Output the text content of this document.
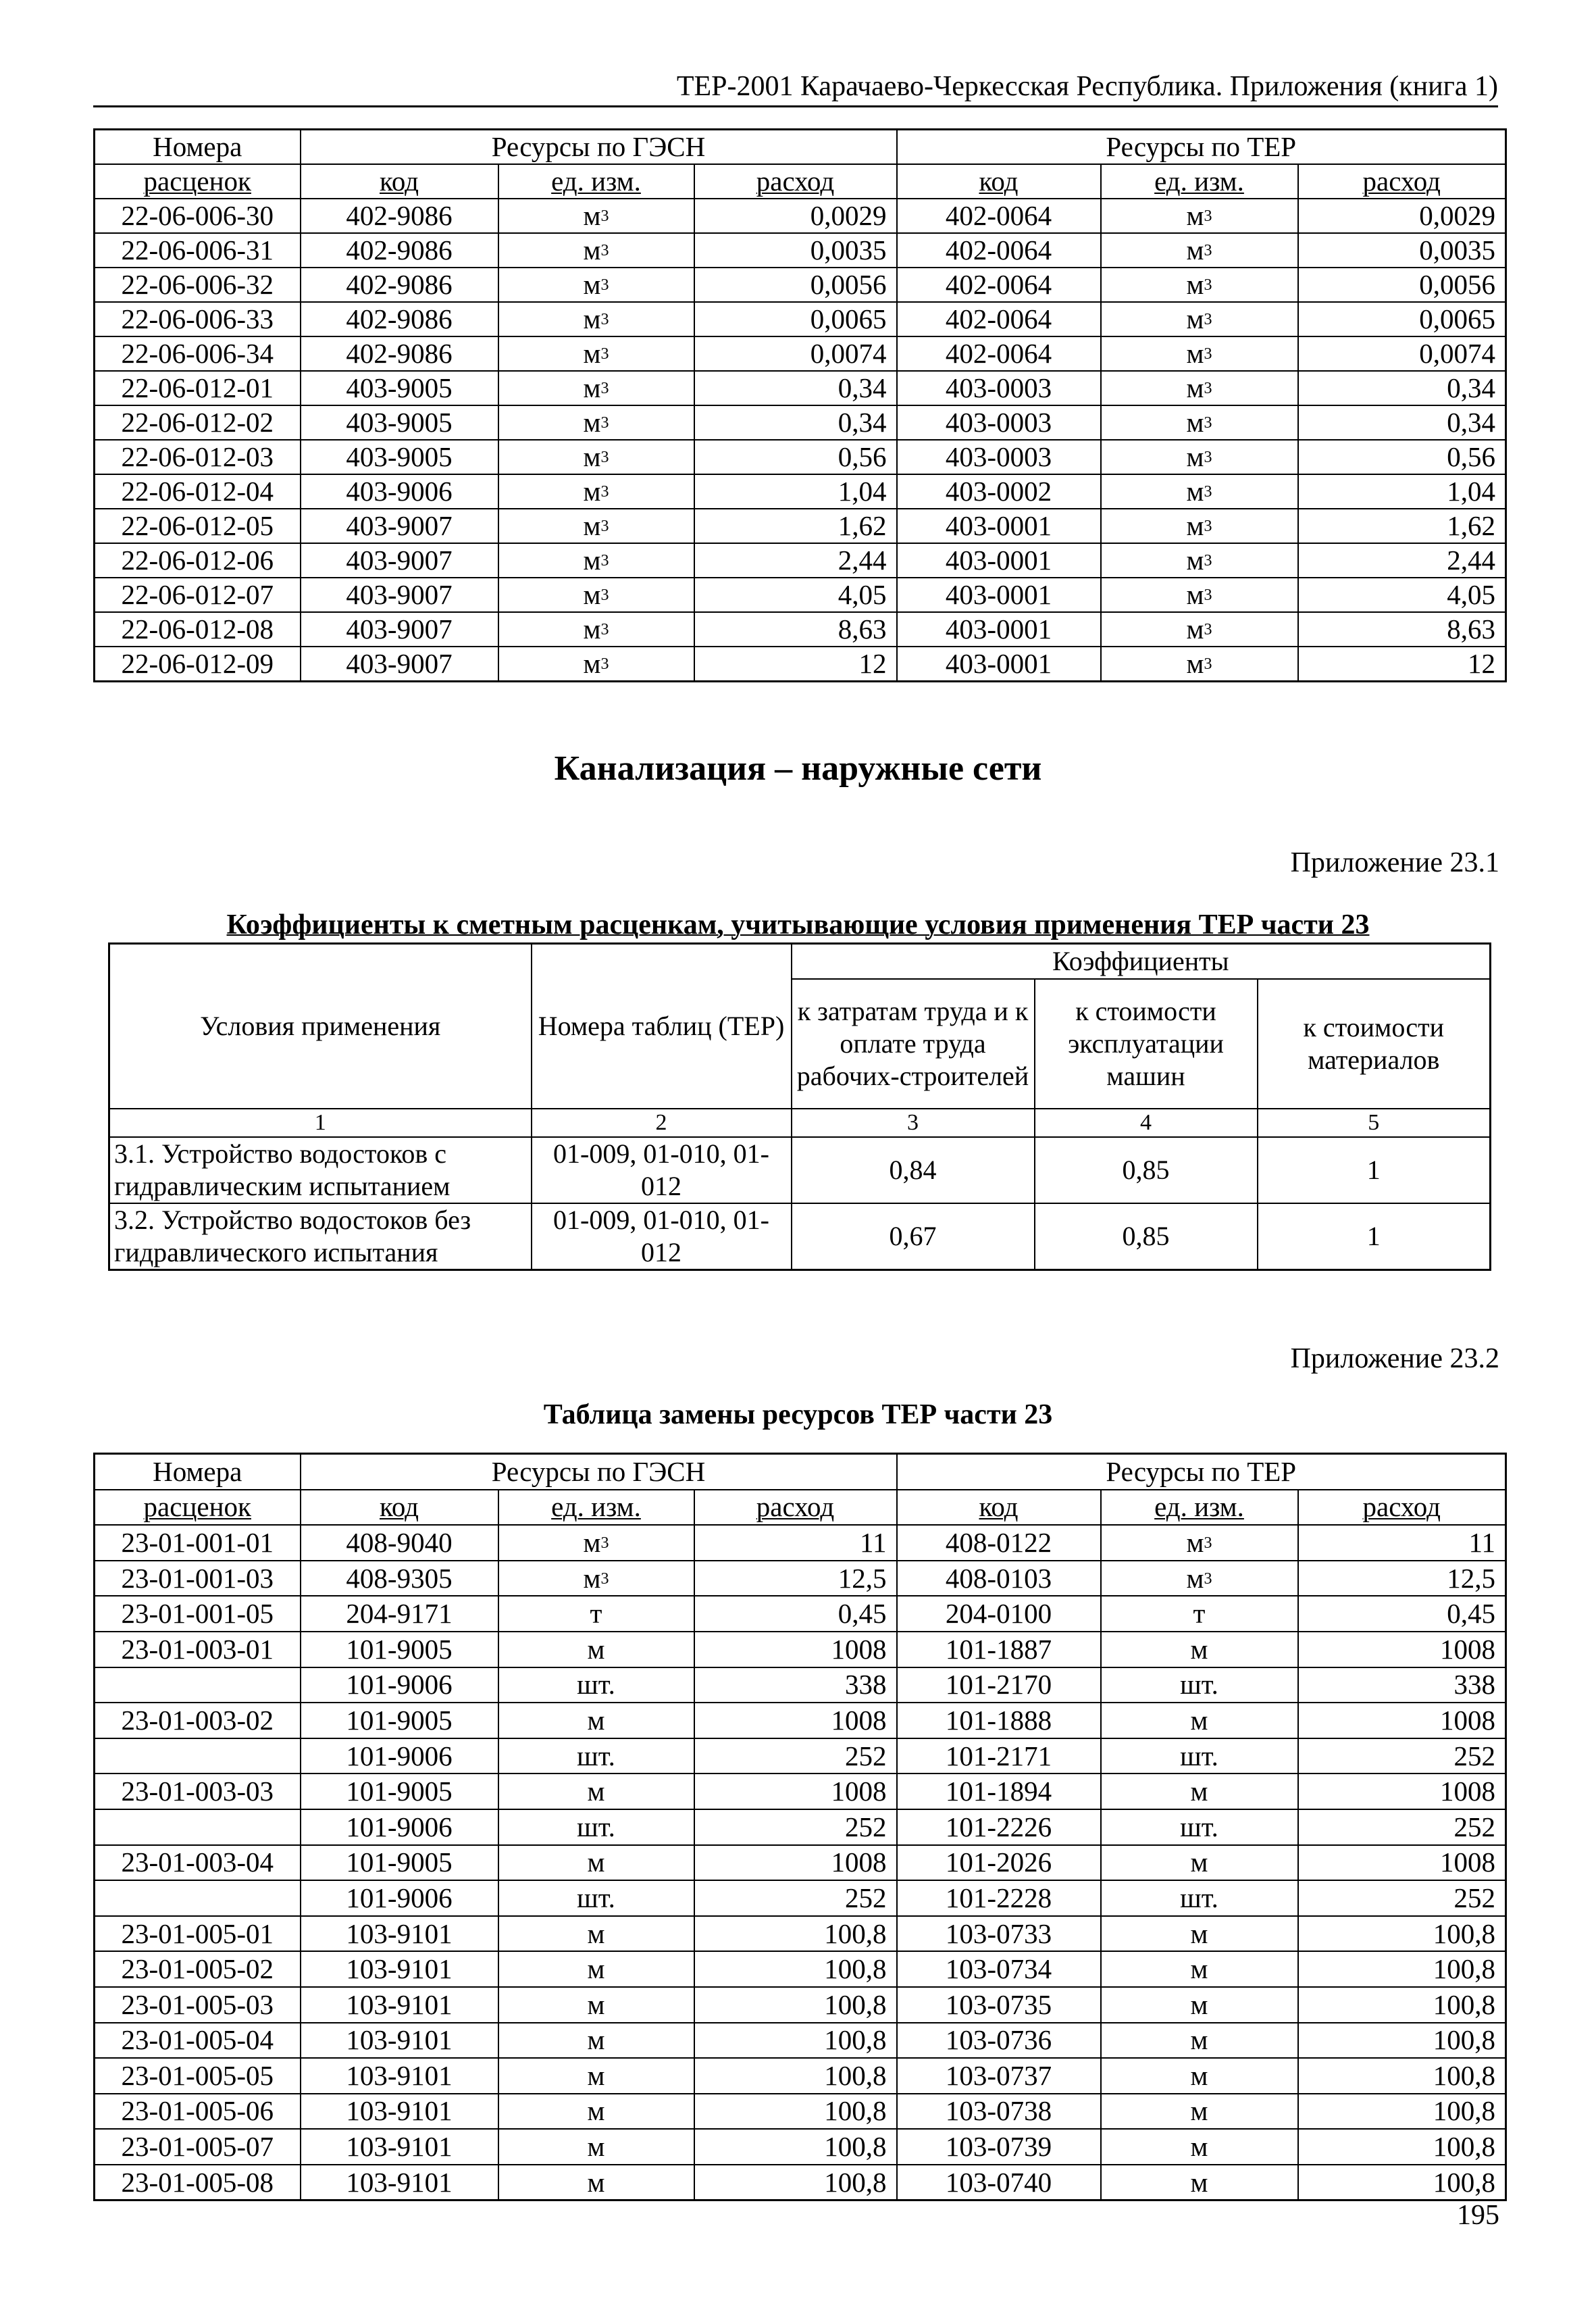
ТЕР-2001 Карачаево-Черкесская Республика. Приложения (книга 1)
Номера	Ресурсы по ГЭСН			Ресурсы по ТЕР		
расценок	код	ед. изм.	расход	код	ед. изм.	расход
22-06-006-30	402-9086	$м^3$	0,0029	402-0064	$м^3$	0,0029
22-06-006-31	402-9086	$м^3$	0,0035	402-0064	$м^3$	0,0035
22-06-006-32	402-9086	$м^3$	0,0056	402-0064	$м^3$	0,0056
22-06-006-33	402-9086	$м^3$	0,0065	402-0064	$м^3$	0,0065
22-06-006-34	402-9086	$м^3$	0,0074	402-0064	$м^3$	0,0074
22-06-012-01	403-9005	$м^3$	0,34	403-0003	$м^3$	0,34
22-06-012-02	403-9005	$м^3$	0,34	403-0003	$м^3$	0,34
22-06-012-03	403-9005	$м^3$	0,56	403-0003	$м^3$	0,56
22-06-012-04	403-9006	$м^3$	1,04	403-0002	$м^3$	1,04
22-06-012-05	403-9007	$м^3$	1,62	403-0001	$м^3$	1,62
22-06-012-06	403-9007	$м^3$	2,44	403-0001	$м^3$	2,44
22-06-012-07	403-9007	$м^3$	4,05	403-0001	$м^3$	4,05
22-06-012-08	403-9007	$м^3$	8,63	403-0001	$м^3$	8,63
22-06-012-09	403-9007	$м^3$	12	403-0001	$м^3$	12
Канализация – наружные сети
Приложение 23.1
Коэффициенты к сметным расценкам, учитывающие условия применения ТЕР части 23
Условия применения	Номера таблиц (ТЕР)	Коэффициенты		
		к затратам труда и к оплате труда рабочих-строителей	к стоимости эксплуатации машин	к стоимости материалов
1	2	3	4	5
3.1. Устройство водостоков с гидравлическим испытанием	01-009, 01-010, 01-012	0,84	0,85	1
3.2. Устройство водостоков без гидравлического испытания	01-009, 01-010, 01-012	0,67	0,85	1
Приложение 23.2
Таблица замены ресурсов ТЕР части 23
Номера	Ресурсы по ГЭСН			Ресурсы по ТЕР		
расценок	код	ед. изм.	расход	код	ед. изм.	расход
23-01-001-01	408-9040	$м^3$	11	408-0122	$м^3$	11
23-01-001-03	408-9305	$м^3$	12,5	408-0103	$м^3$	12,5
23-01-001-05	204-9171	т	0,45	204-0100	т	0,45
23-01-003-01	101-9005	м	1008	101-1887	м	1008
	101-9006	шт.	338	101-2170	шт.	338
23-01-003-02	101-9005	м	1008	101-1888	м	1008
	101-9006	шт.	252	101-2171	шт.	252
23-01-003-03	101-9005	м	1008	101-1894	м	1008
	101-9006	шт.	252	101-2226	шт.	252
23-01-003-04	101-9005	м	1008	101-2026	м	1008
	101-9006	шт.	252	101-2228	шт.	252
23-01-005-01	103-9101	м	100,8	103-0733	м	100,8
23-01-005-02	103-9101	м	100,8	103-0734	м	100,8
23-01-005-03	103-9101	м	100,8	103-0735	м	100,8
23-01-005-04	103-9101	м	100,8	103-0736	м	100,8
23-01-005-05	103-9101	м	100,8	103-0737	м	100,8
23-01-005-06	103-9101	м	100,8	103-0738	м	100,8
23-01-005-07	103-9101	м	100,8	103-0739	м	100,8
23-01-005-08	103-9101	м	100,8	103-0740	м	100,8
195
